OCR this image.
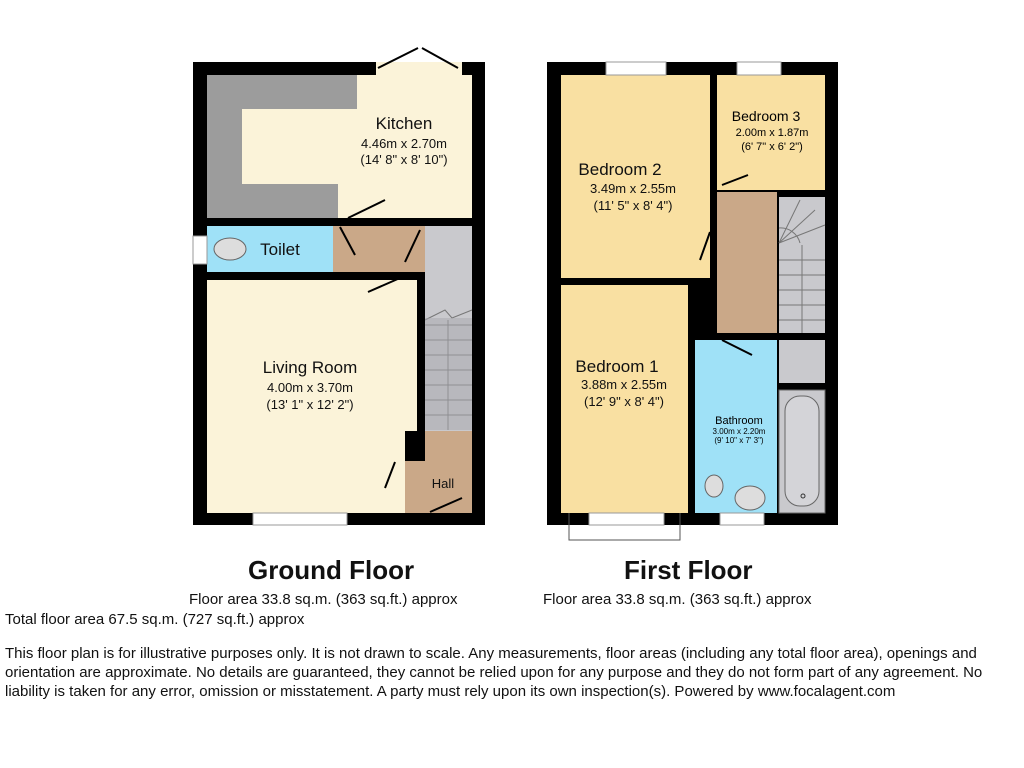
Kitchen
4.46m x 2.70m
(14' 8" x 8' 10")
Toilet
Living Room
4.00m x 3.70m
(13' 1" x 12' 2")
Hall
Bedroom 2
3.49m x 2.55m
(11' 5" x 8' 4")
Bedroom 3
2.00m x 1.87m
(6' 7" x 6' 2")
Bedroom 1
3.88m x 2.55m
(12' 9" x 8' 4")
Bathroom
3.00m x 2.20m
(9' 10" x 7' 3")
Ground Floor
Floor area 33.8 sq.m. (363 sq.ft.) approx
First Floor
Floor area 33.8 sq.m. (363 sq.ft.) approx
Total floor area 67.5 sq.m. (727 sq.ft.) approx
This floor plan is for illustrative purposes only. It is not drawn to scale. Any measurements, floor areas (including any total floor area), openings and orientation are approximate. No details are guaranteed, they cannot be relied upon for any purpose and they do not form part of any agreement. No liability is taken for any error, omission or misstatement. A party must rely upon its own inspection(s). Powered by www.focalagent.com
